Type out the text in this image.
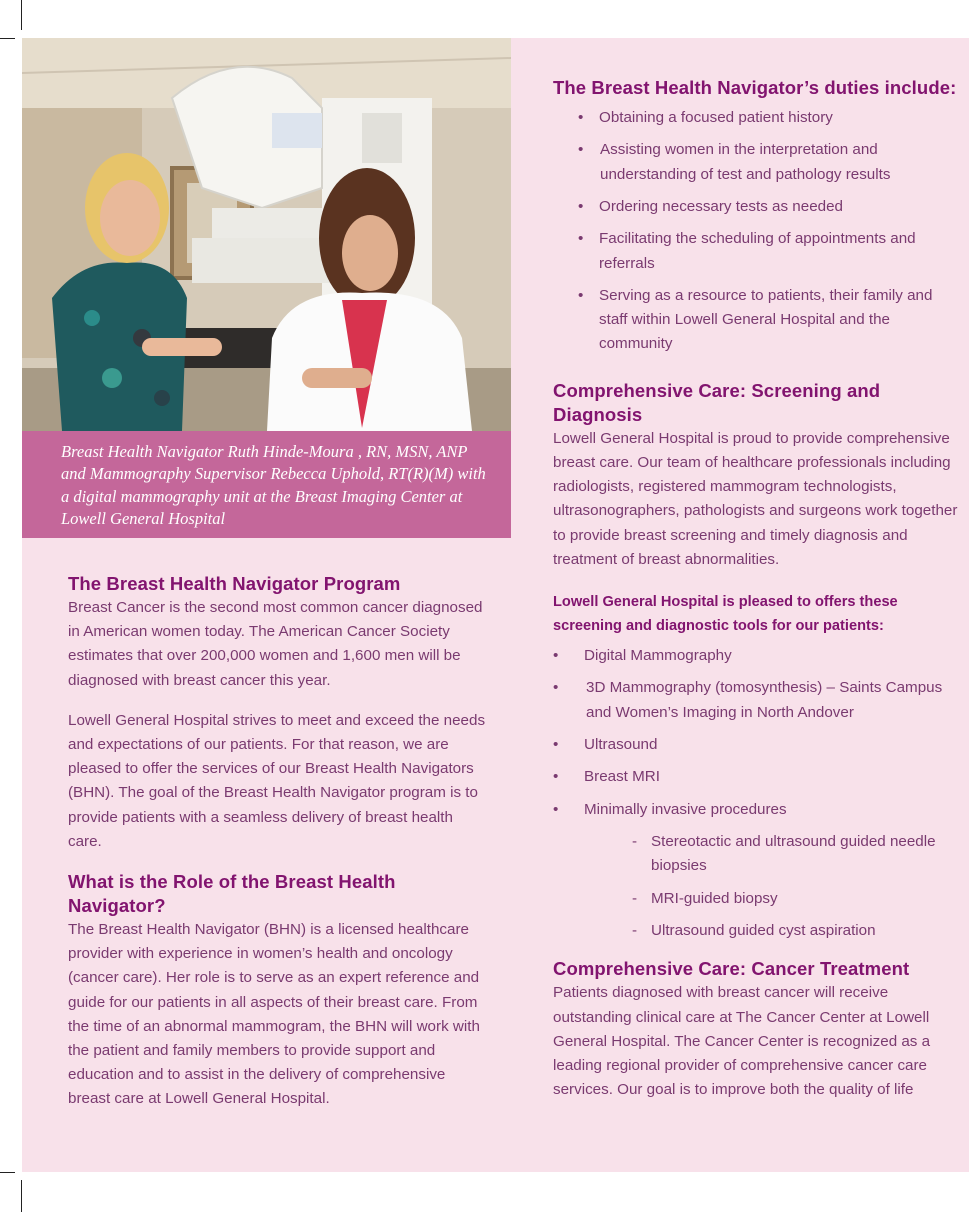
Breast Health Navigator Ruth Hinde-Moura , RN, MSN, ANP and Mammography Supervisor Rebecca Uphold, RT(R)(M) with a digital mammography unit at the Breast Imaging Center at Lowell General Hospital

The Breast Health Navigator Program

Breast Cancer is the second most common cancer diagnosed in American women today. The American Cancer Society estimates that over 200,000 women and 1,600 men will be diagnosed with breast cancer this year.

Lowell General Hospital strives to meet and exceed the needs and expectations of our patients. For that reason, we are pleased to offer the services of our Breast Health Navigators (BHN). The goal of the Breast Health Navigator program is to provide patients with a seamless delivery of breast health care.

What is the Role of the Breast Health Navigator?

The Breast Health Navigator (BHN) is a licensed healthcare provider with experience in women’s health and oncology (cancer care). Her role is to serve as an expert reference and guide for our patients in all aspects of their breast care. From the time of an abnormal mammogram, the BHN will work with the patient and family members to provide support and education and to assist in the delivery of comprehensive breast care at Lowell General Hospital.

The Breast Health Navigator’s duties include:
• Obtaining a focused patient history
• Assisting women in the interpretation and understanding of test and pathology results
• Ordering necessary tests as needed
• Facilitating the scheduling of appointments and referrals
• Serving as a resource to patients, their family and staff within Lowell General Hospital and the community
Comprehensive Care: Screening and Diagnosis

Lowell General Hospital is proud to provide comprehensive breast care. Our team of healthcare professionals including radiologists, registered mammogram technologists, ultrasonographers, pathologists and surgeons work together to provide breast screening and timely diagnosis and treatment of breast abnormalities.

Lowell General Hospital is pleased to offers these screening and diagnostic tools for our patients:

• Digital Mammography
• 3D Mammography (tomosynthesis) – Saints Campus and Women’s Imaging in North Andover
• Ultrasound
• Breast MRI
• Minimally invasive procedures
- Stereotactic and ultrasound guided needle biopsies
- MRI-guided biopsy
- Ultrasound guided cyst aspiration
Comprehensive Care: Cancer Treatment

Patients diagnosed with breast cancer will receive outstanding clinical care at The Cancer Center at Lowell General Hospital. The Cancer Center is recognized as a leading regional provider of comprehensive cancer care services. Our goal is to improve both the quality of life
